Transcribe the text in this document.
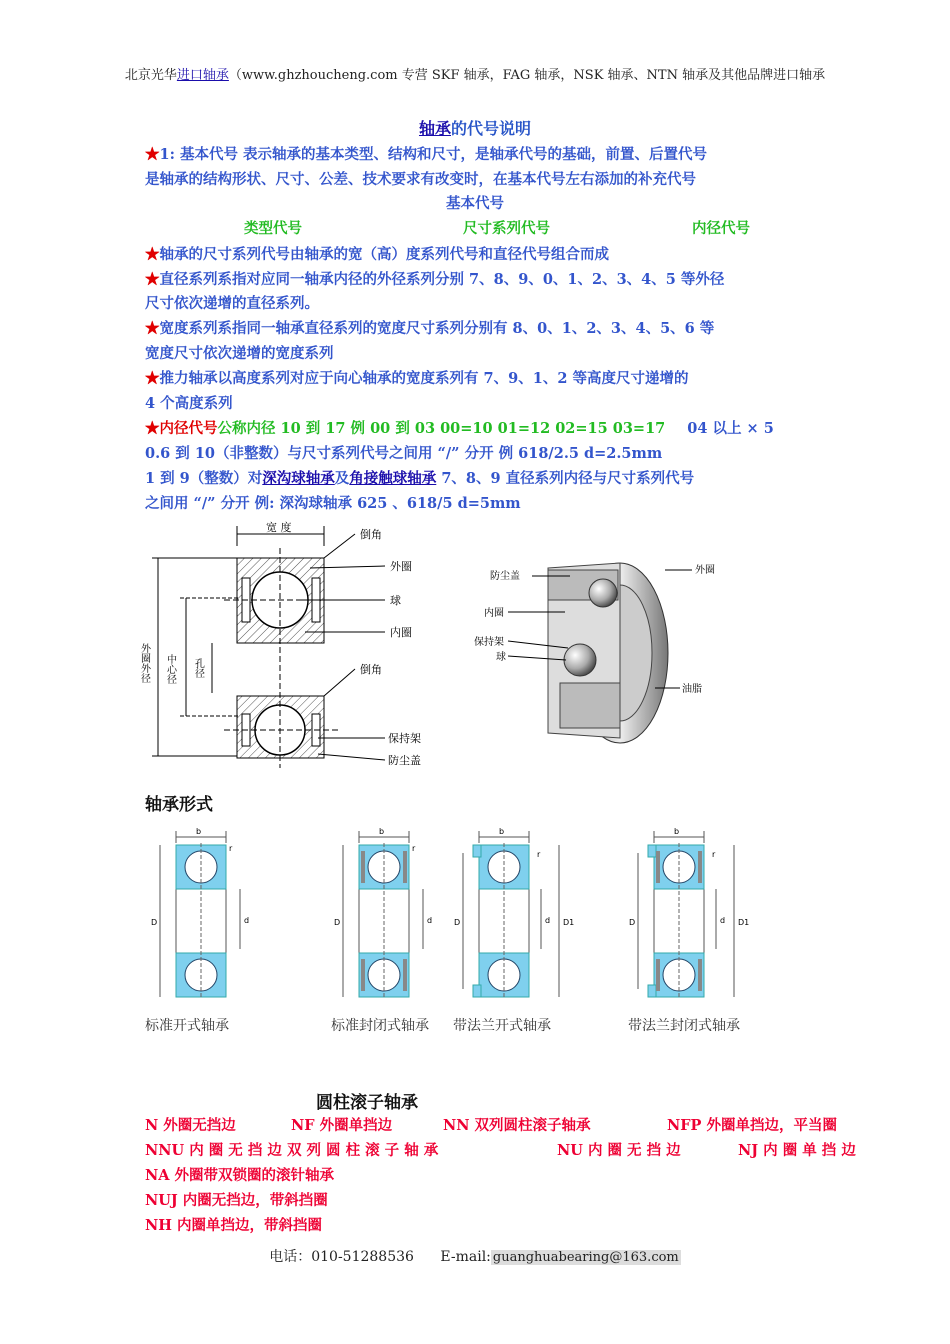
北京光华进口轴承（www.ghzhoucheng.com 专营 SKF 轴承，FAG 轴承，NSK 轴承、NTN 轴承及其他品牌进口轴承
轴承的代号说明
★1: 基本代号 表示轴承的基本类型、结构和尺寸，是轴承代号的基础，前置、后置代号
是轴承的结构形状、尺寸、公差、技术要求有改变时，在基本代号左右添加的补充代号
基本代号
类型代号	尺寸系列代号	内径代号
★轴承的尺寸系列代号由轴承的宽（高）度系列代号和直径代号组合而成
★直径系列系指对应同一轴承内径的外径系列分别 7、8、9、0、1、2、3、4、5 等外径
尺寸依次递增的直径系列。
★宽度系列系指同一轴承直径系列的宽度尺寸系列分别有 8、0、1、2、3、4、5、6 等
宽度尺寸依次递增的宽度系列
★推力轴承以高度系列对应于向心轴承的宽度系列有 7、9、1、2 等高度尺寸递增的
4 个高度系列
★内径代号公称内径 10 到 17 例 00 到 03 00=10 01=12 02=15 03=17 04 以上 × 5
0.6 到 10（非整数）与尺寸系列代号之间用 “/” 分开 例 618/2.5 d=2.5mm
1 到 9（整数）对深沟球轴承及角接触球轴承 7、8、9 直径系列内径与尺寸系列代号
之间用 “/” 分开 例: 深沟球轴承 625 、618/5 d=5mm
宽 度
外圈外径 中心径 孔径
倒角
外圈
球
内圈
倒角
保持架
防尘盖
防尘盖
内圈
保持架
球
外圈
油脂
轴承形式
b
r
D	d
b
r
D	d
b
r
D	d D1
b
r
D	d D1
标准开式轴承	标准封闭式轴承 带法兰开式轴承	带法兰封闭式轴承
圆柱滚子轴承
N 外圈无挡边	NF 外圈单挡边	NN 双列圆柱滚子轴承	NFP 外圈单挡边，平当圈
NNU 内 圈 无 挡 边 双 列 圆 柱 滚 子 轴 承	NU 内 圈 无 挡 边	NJ 内 圈 单 挡 边
NA 外圈带双锁圈的滚针轴承
NUJ 内圈无挡边，带斜挡圈
NH 内圈单挡边，带斜挡圈
电话：010-51288536 E-mail: guanghuabearing@163.com
